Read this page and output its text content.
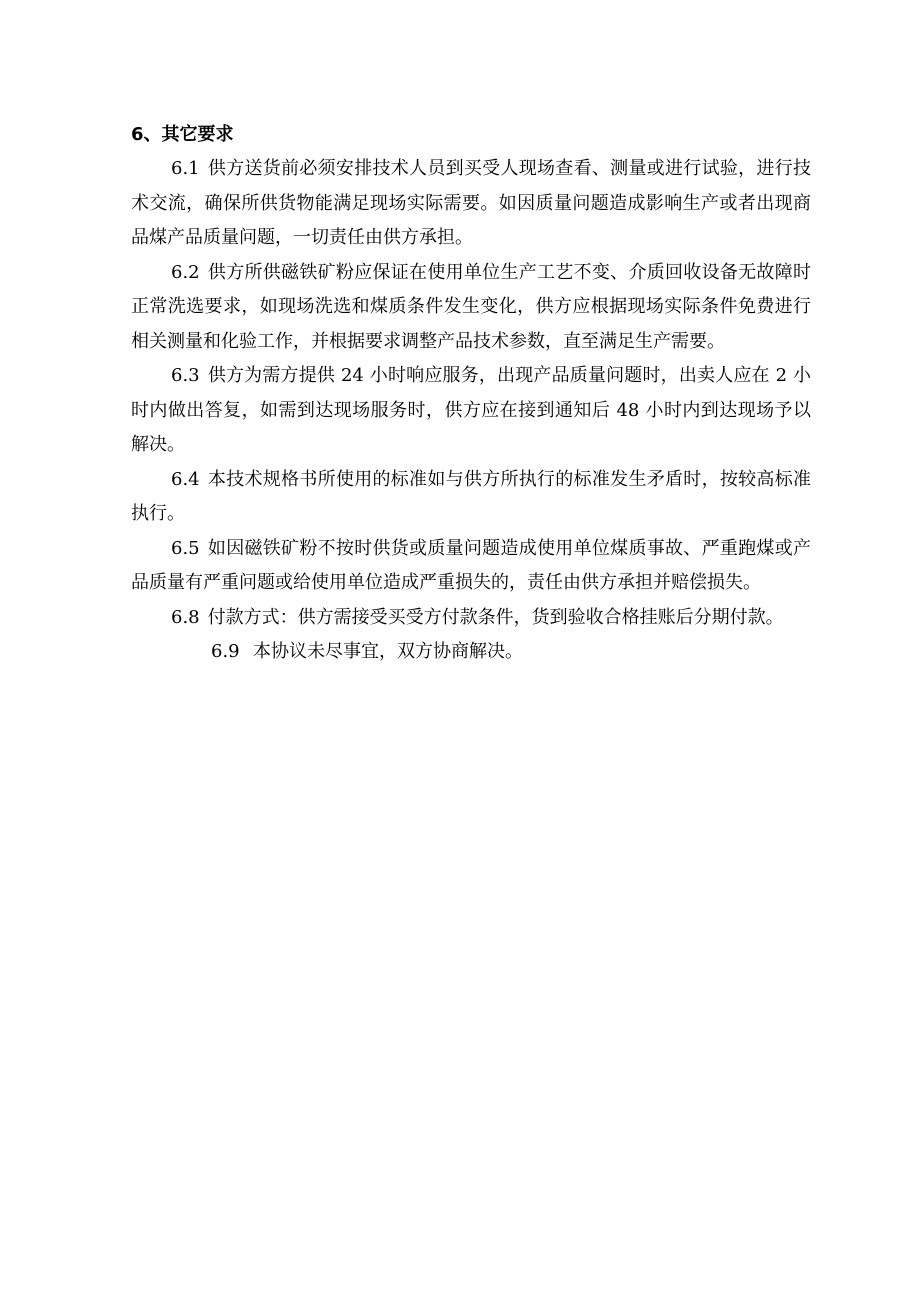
6、其它要求

6.1 供方送货前必须安排技术人员到买受人现场查看、测量或进行试验，进行技术交流，确保所供货物能满足现场实际需要。如因质量问题造成影响生产或者出现商品煤产品质量问题，一切责任由供方承担。

6.2 供方所供磁铁矿粉应保证在使用单位生产工艺不变、介质回收设备无故障时正常洗选要求，如现场洗选和煤质条件发生变化，供方应根据现场实际条件免费进行相关测量和化验工作，并根据要求调整产品技术参数，直至满足生产需要。

6.3 供方为需方提供 24 小时响应服务，出现产品质量问题时，出卖人应在 2 小时内做出答复，如需到达现场服务时，供方应在接到通知后 48 小时内到达现场予以解决。

6.4 本技术规格书所使用的标准如与供方所执行的标准发生矛盾时，按较高标准执行。

6.5 如因磁铁矿粉不按时供货或质量问题造成使用单位煤质事故、严重跑煤或产品质量有严重问题或给使用单位造成严重损失的，责任由供方承担并赔偿损失。

6.8 付款方式：供方需接受买受方付款条件，货到验收合格挂账后分期付款。

6.9 本协议未尽事宜，双方协商解决。
